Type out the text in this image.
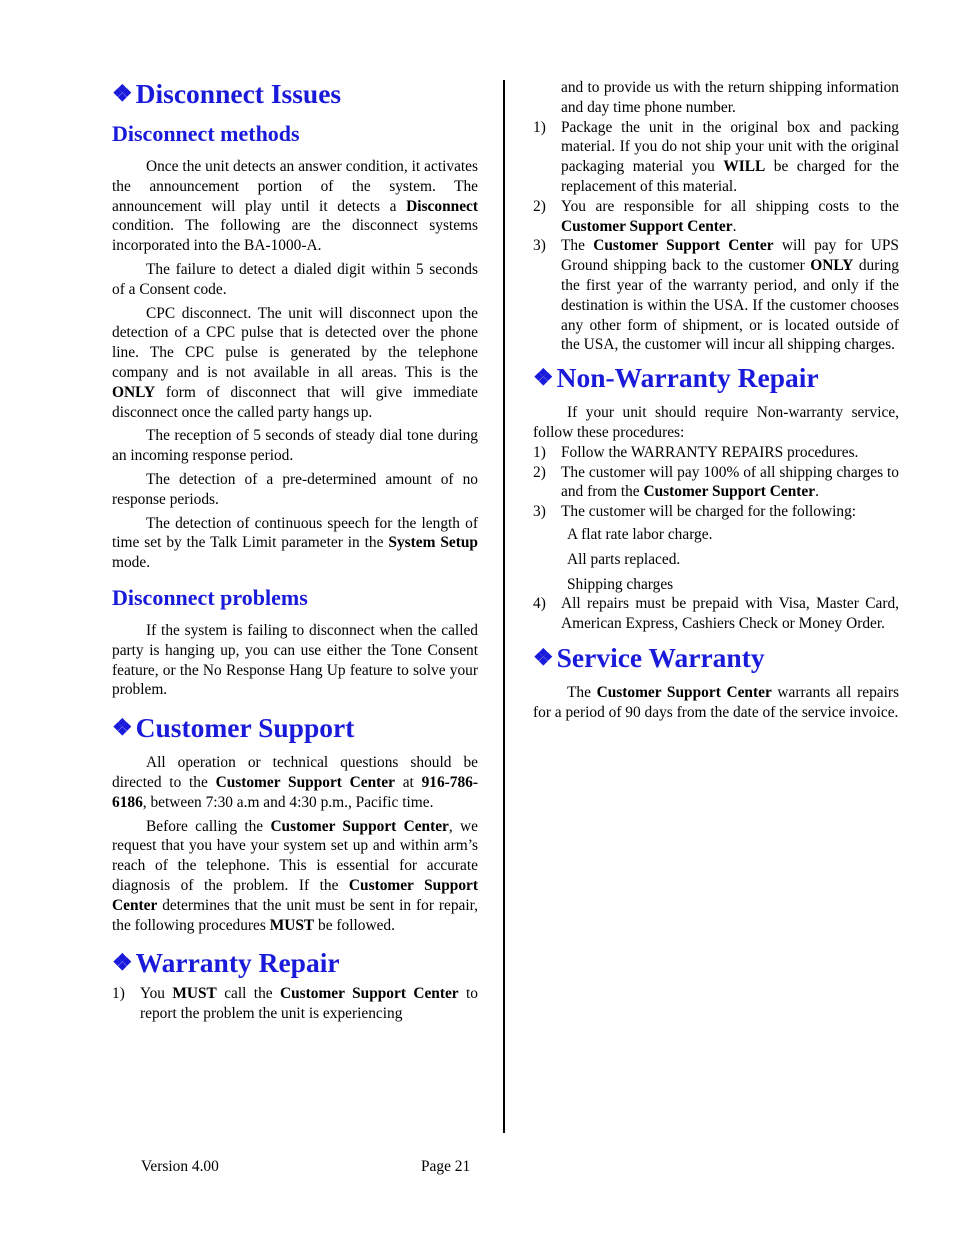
❖ Disconnect Issues
Disconnect methods

Once the unit detects an answer condition, it activates the announcement portion of the system. The announcement will play until it detects a Disconnect condition. The following are the disconnect systems incorporated into the BA-1000-A.

The failure to detect a dialed digit within 5 seconds of a Consent code.

CPC disconnect. The unit will disconnect upon the detection of a CPC pulse that is detected over the phone line. The CPC pulse is generated by the telephone company and is not available in all areas. This is the ONLY form of disconnect that will give immediate disconnect once the called party hangs up.

The reception of 5 seconds of steady dial tone during an incoming response period.

The detection of a pre-determined amount of no response periods.

The detection of continuous speech for the length of time set by the Talk Limit parameter in the System Setup mode.

Disconnect problems

If the system is failing to disconnect when the called party is hanging up, you can use either the Tone Consent feature, or the No Response Hang Up feature to solve your problem.

❖ Customer Support

All operation or technical questions should be directed to the Customer Support Center at 916-786-6186, between 7:30 a.m and 4:30 p.m., Pacific time.

Before calling the Customer Support Center, we request that you have your system set up and within arm’s reach of the telephone. This is essential for accurate diagnosis of the problem. If the Customer Support Center determines that the unit must be sent in for repair, the following procedures MUST be followed.

❖ Warranty Repair
1) You MUST call the Customer Support Center to report the problem the unit is experiencing
and to provide us with the return shipping information and day time phone number.
1) Package the unit in the original box and packing material. If you do not ship your unit with the original packaging material you WILL be charged for the replacement of this material.
2) You are responsible for all shipping costs to the Customer Support Center.
3) The Customer Support Center will pay for UPS Ground shipping back to the customer ONLY during the first year of the warranty period, and only if the destination is within the USA. If the customer chooses any other form of shipment, or is located outside of the USA, the customer will incur all shipping charges.
❖ Non-Warranty Repair

If your unit should require Non-warranty service, follow these procedures:

1) Follow the WARRANTY REPAIRS procedures.
2) The customer will pay 100% of all shipping charges to and from the Customer Support Center.
3) The customer will be charged for the following:
A flat rate labor charge.
All parts replaced.
Shipping charges
4) All repairs must be prepaid with Visa, Master Card, American Express, Cashiers Check or Money Order.
❖ Service Warranty

The Customer Support Center warrants all repairs for a period of 90 days from the date of the service invoice.

Version 4.00	Page 21
